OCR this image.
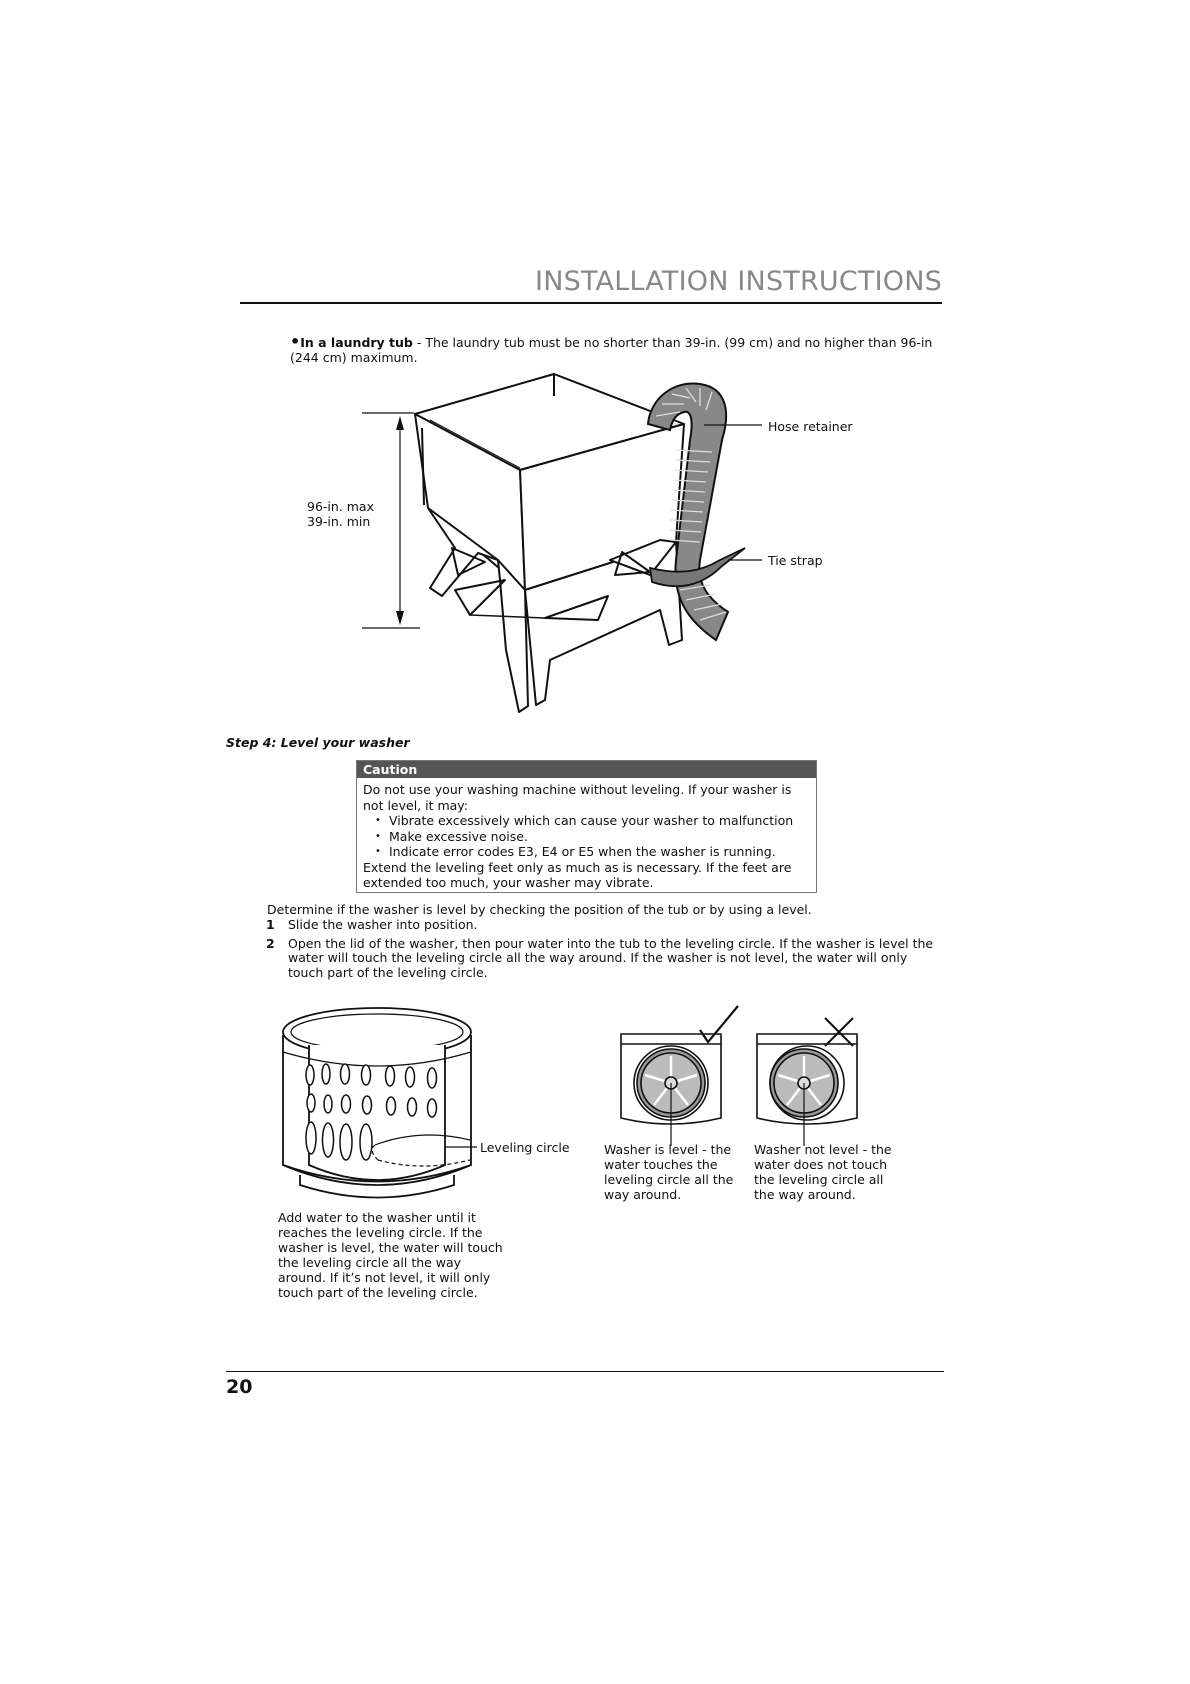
INSTALLATION INSTRUCTIONS
•In a laundry tub - The laundry tub must be no shorter than 39-in. (99 cm) and no higher than 96-in (244 cm) maximum.
96-in. max
39-in. min
Hose retainer
Tie strap
Step 4: Level your washer
Caution
Do not use your washing machine without leveling. If your washer is not level, it may:
• Vibrate excessively which can cause your washer to malfunction
• Make excessive noise.
• Indicate error codes E3, E4 or E5 when the washer is running.
Extend the leveling feet only as much as is necessary. If the feet are extended too much, your washer may vibrate.
Determine if the washer is level by checking the position of the tub or by using a level.
1	Slide the washer into position.
2	Open the lid of the washer, then pour water into the tub to the leveling circle. If the washer is level the water will touch the leveling circle all the way around. If the washer is not level, the water will only touch part of the leveling circle.
Leveling circle
Add water to the washer until it reaches the leveling circle. If the washer is level, the water will touch the leveling circle all the way around. If it’s not level, it will only touch part of the leveling circle.
Washer is level - the water touches the leveling circle all the way around.
Washer not level - the water does not touch the leveling circle all the way around.
20
